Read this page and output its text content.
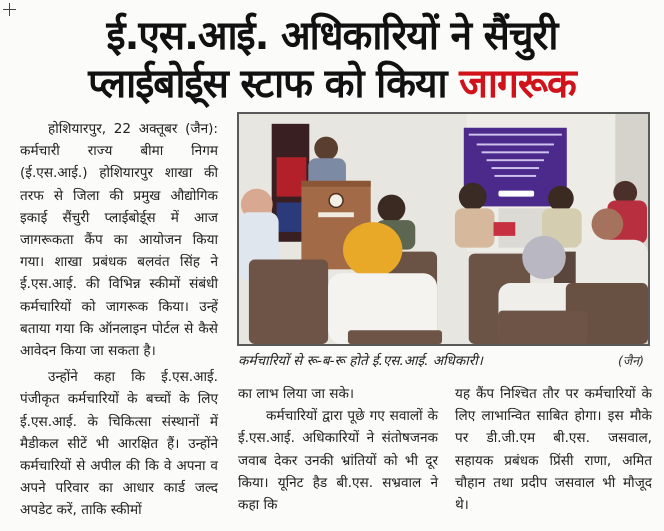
ई.एस.आई. अधिकारियों ने सैंचुरी
प्लाईबोई्स स्टाफ को किया जागरूक

होशियारपुर, 22 अक्तूबर (जैन): कर्मचारी राज्य बीमा निगम (ई.एस.आई.) होशियारपुर शाखा की तरफ से जिला की प्रमुख औद्योगिक इकाई सैंचुरी प्लाईबोई्स में आज जागरूकता कैंप का आयोजन किया गया। शाखा प्रबंधक बलवंत सिंह ने ई.एस.आई. की विभिन्न स्कीमों संबंधी कर्मचारियों को जागरूक किया। उन्हें बताया गया कि ऑनलाइन पोर्टल से कैसे आवेदन किया जा सकता है।

उन्होंने कहा कि ई.एस.आई. पंजीकृत कर्मचारियों के बच्चों के लिए ई.एस.आई. के चिकित्सा संस्थानों में मैडीकल सीटें भी आरक्षित हैं। उन्होंने कर्मचारियों से अपील की कि वे अपना व अपने परिवार का आधार कार्ड जल्द अपडेट करें, ताकि स्कीमों

कर्मचारियों से रू-ब-रू होते ई.एस.आई. अधिकारी।	(जैन)

का लाभ लिया जा सके।

कर्मचारियों द्वारा पूछे गए सवालों के ई.एस.आई. अधिकारियों ने संतोषजनक जवाब देकर उनकी भ्रांतियों को भी दूर किया। यूनिट हैड बी.एस. सभ्रवाल ने कहा कि

यह कैंप निश्चित तौर पर कर्मचारियों के लिए लाभान्वित साबित होगा। इस मौके पर डी.जी.एम बी.एस. जसवाल, सहायक प्रबंधक प्रिंसी राणा, अमित चौहान तथा प्रदीप जसवाल भी मौजूद थे।
